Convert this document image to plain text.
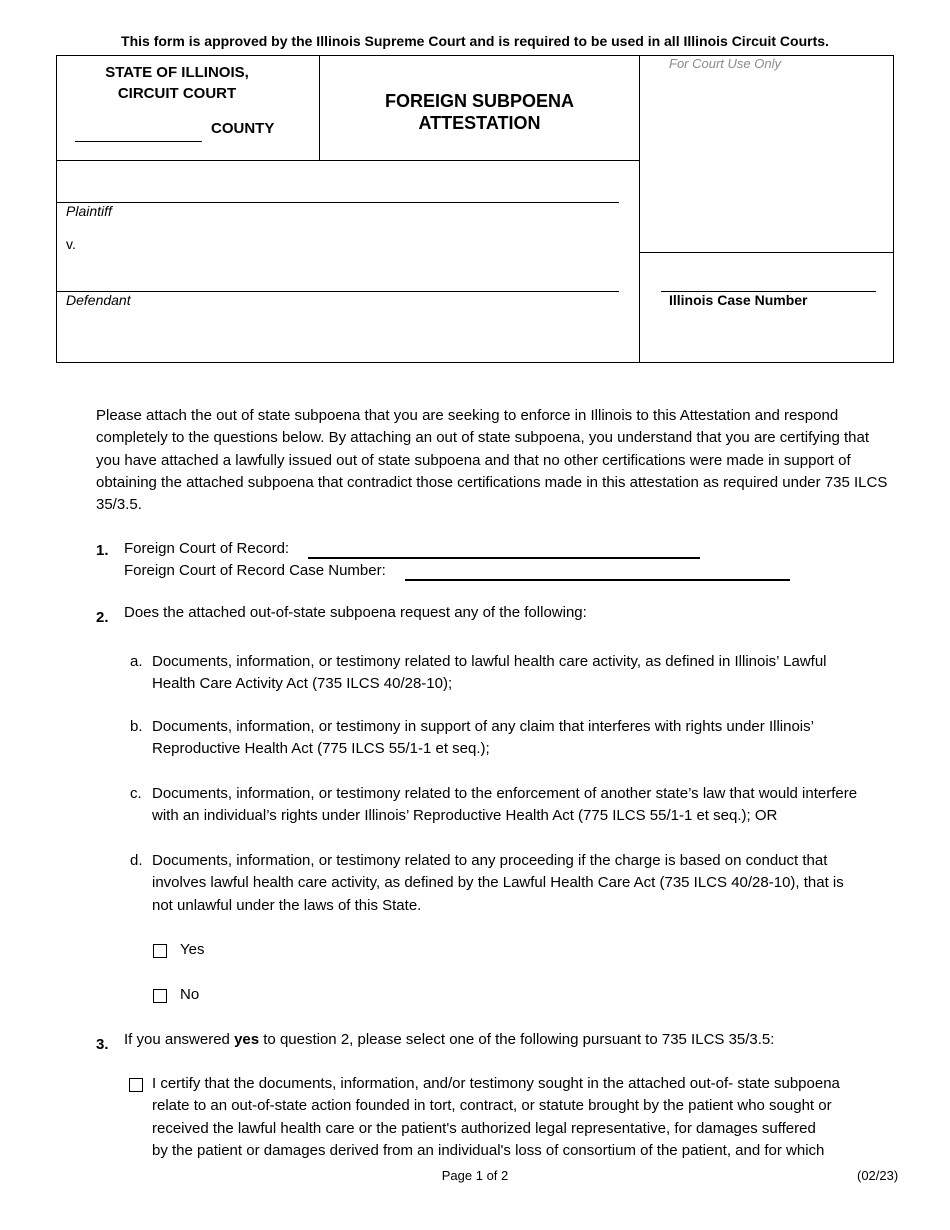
This form is approved by the Illinois Supreme Court and is required to be used in all Illinois Circuit Courts.
STATE OF ILLINOIS,
CIRCUIT COURT
COUNTY
FOREIGN SUBPOENA
ATTESTATION
For Court Use Only
Plaintiff
v.
Defendant	Illinois Case Number
Please attach the out of state subpoena that you are seeking to enforce in Illinois to this Attestation and respond completely to the questions below. By attaching an out of state subpoena, you understand that you are certifying that you have attached a lawfully issued out of state subpoena and that no other certifications were made in support of obtaining the attached subpoena that contradict those certifications made in this attestation as required under 735 ILCS 35/3.5.
1. Foreign Court of Record:
Foreign Court of Record Case Number:
2. Does the attached out-of-state subpoena request any of the following:
a. Documents, information, or testimony related to lawful health care activity, as defined in Illinois’ Lawful
Health Care Activity Act (735 ILCS 40/28-10);
b. Documents, information, or testimony in support of any claim that interferes with rights under Illinois’
Reproductive Health Act (775 ILCS 55/1-1 et seq.);
c. Documents, information, or testimony related to the enforcement of another state’s law that would interfere
with an individual’s rights under Illinois’ Reproductive Health Act (775 ILCS 55/1-1 et seq.); OR
d. Documents, information, or testimony related to any proceeding if the charge is based on conduct that
involves lawful health care activity, as defined by the Lawful Health Care Act (735 ILCS 40/28-10), that is
not unlawful under the laws of this State.
Yes
No
3. If you answered yes to question 2, please select one of the following pursuant to 735 ILCS 35/3.5:
I certify that the documents, information, and/or testimony sought in the attached out-of- state subpoena
relate to an out-of-state action founded in tort, contract, or statute brought by the patient who sought or
received the lawful health care or the patient's authorized legal representative, for damages suffered
by the patient or damages derived from an individual's loss of consortium of the patient, and for which
Page 1 of 2	(02/23)
